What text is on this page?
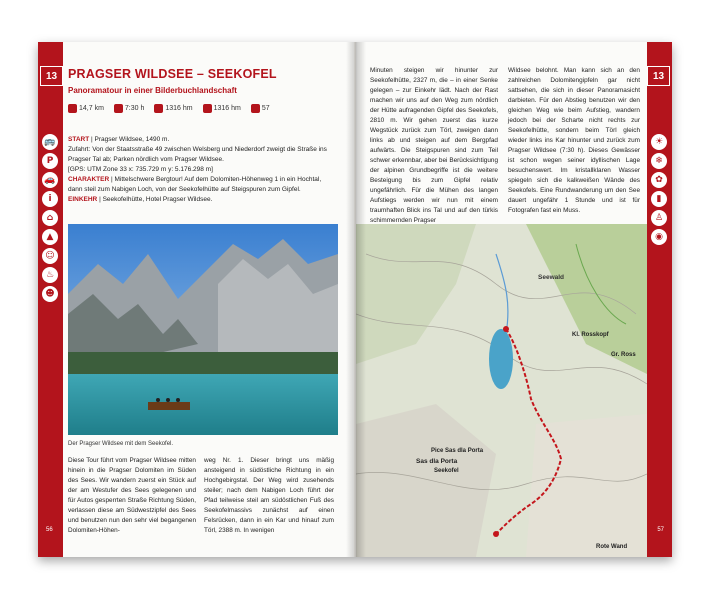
13
🚌
P
🚗
i
⌂
▲
☺
♨
☻
PRAGSER WILDSEE – SEEKOFEL
Panoramatour in einer Bilderbuchlandschaft
14,7 km	7:30 h	1316 hm	1316 hm	57
START | Pragser Wildsee, 1490 m.
Zufahrt: Von der Staatsstraße 49 zwischen Welsberg und Niederdorf zweigt die Straße ins Pragser Tal ab; Parken nördlich vom Pragser Wildsee.
[GPS: UTM Zone 33 x: 735.729 m y: 5.176.298 m]
CHARAKTER | Mittelschwere Bergtour! Auf dem Dolomiten-Höhenweg 1 in ein Hochtal, dann steil zum Nabigen Loch, von der Seekofelhütte auf Steigspuren zum Gipfel.
EINKEHR | Seekofelhütte, Hotel Pragser Wildsee.
Der Pragser Wildsee mit dem Seekofel.
Diese Tour führt vom Pragser Wildsee mitten hinein in die Pragser Dolomiten im Süden des Sees. Wir wandern zuerst ein Stück auf der am Westufer des Sees gelegenen und für Autos gesperrten Straße Richtung Süden, verlassen diese am Südwestzipfel des Sees und benutzen nun den sehr viel begangenen Dolomiten-Höhen-
weg Nr. 1. Dieser bringt uns mäßig ansteigend in südöstliche Richtung in ein Hochgebirgstal. Der Weg wird zusehends steiler; nach dem Nabigen Loch führt der Pfad teilweise steil am südöstlichen Fuß des Seekofelmassivs zunächst auf einen Felsrücken, dann in ein Kar und hinauf zum Törl, 2388 m. In wenigen
56
13
☀
❄
✿
▮
♙
◉
Minuten steigen wir hinunter zur Seekofelhütte, 2327 m, die – in einer Senke gelegen – zur Einkehr lädt. Nach der Rast machen wir uns auf den Weg zum nördlich der Hütte aufragenden Gipfel des Seekofels, 2810 m. Wir gehen zuerst das kurze Wegstück zurück zum Törl, zweigen dann links ab und steigen auf dem Bergpfad aufwärts. Die Steigspuren sind zum Teil schwer erkennbar, aber bei Berücksichtigung der alpinen Grundbegriffe ist die weitere Besteigung bis zum Gipfel relativ ungefährlich. Für die Mühen des langen Aufstiegs werden wir nun mit einem traumhaften Blick ins Tal und auf den türkis schimmernden Pragser
Wildsee belohnt. Man kann sich an den zahlreichen Dolomitengipfeln gar nicht sattsehen, die sich in dieser Panoramasicht darbieten. Für den Abstieg benutzen wir den gleichen Weg wie beim Aufstieg, wandern jedoch bei der Scharte nicht rechts zur Seekofelhütte, sondern beim Törl gleich wieder links ins Kar hinunter und zurück zum Pragser Wildsee (7:30 h). Dieses Gewässer ist schon wegen seiner idyllischen Lage besuchenswert. Im kristallklaren Wasser spiegeln sich die kalkweißen Wände des Seekofels. Eine Rundwanderung um den See dauert ungefähr 1 Stunde und ist für Fotografen fast ein Muss.
Seewald
Kl. Rosskopf
Gr. Ross
Pice Sas dla Porta
Sas dla Porta
Seekofel
Rote Wand
57
